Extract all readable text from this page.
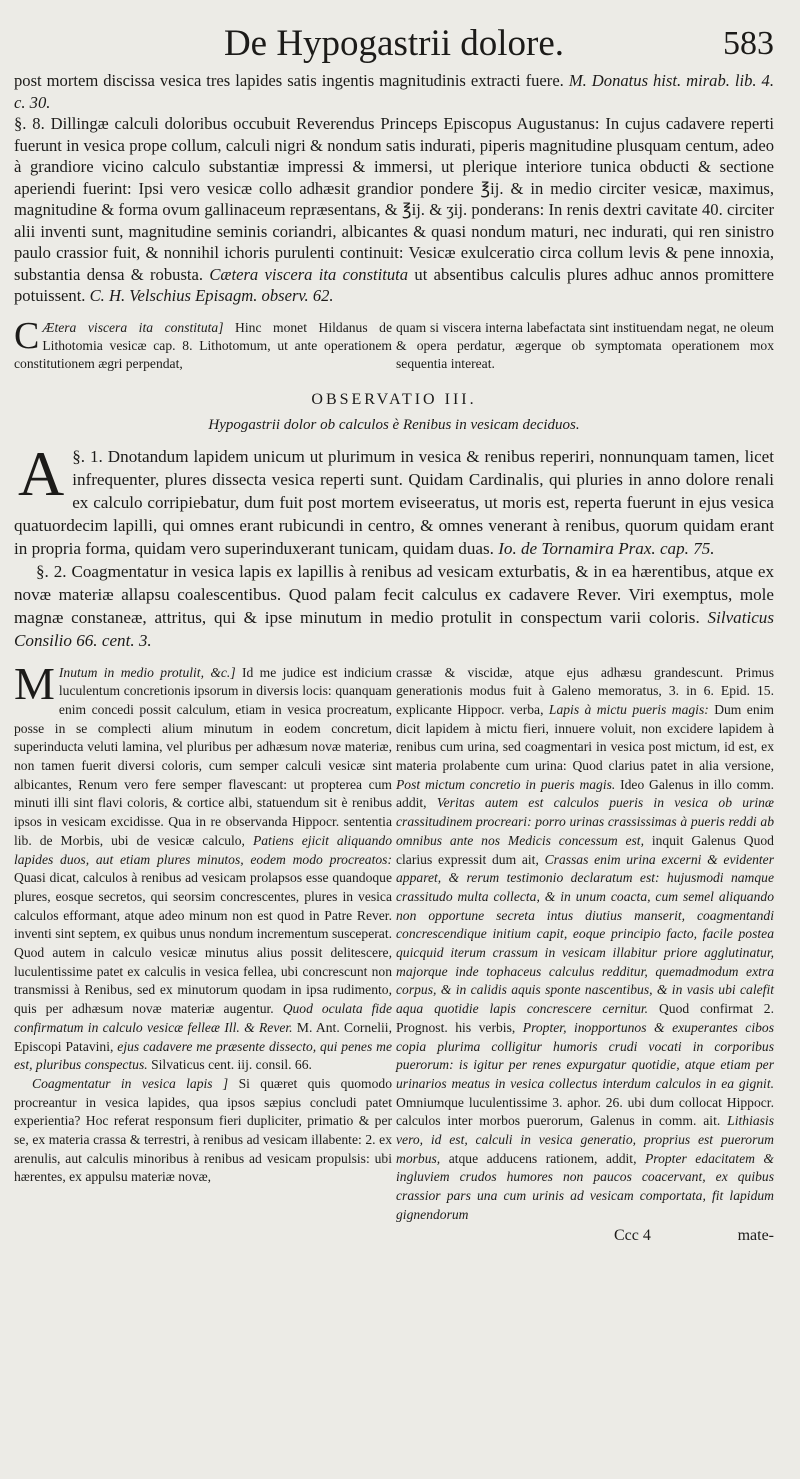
De Hypogastrii dolore.	583

post mortem discissa vesica tres lapides satis ingentis magnitudinis extracti fuere. M. Donatus hist. mirab. lib. 4. c. 30.

§. 8. Dillingæ calculi doloribus occubuit Reverendus Princeps Episcopus Augustanus: In cujus cadavere reperti fuerunt in vesica prope collum, calculi nigri & nondum satis indurati, piperis magnitudine plusquam centum, adeo à grandiore vicino calculo substantiæ impressi & immersi, ut plerique interiore tunica obducti & sectione aperiendi fuerint: Ipsi vero vesicæ collo adhæsit grandior pondere ℥ij. & in medio circiter vesicæ, maximus, magnitudine & forma ovum gallinaceum repræsentans, & ℥ij. & ʒij. ponderans: In renis dextri cavitate 40. circiter alii inventi sunt, magnitudine seminis coriandri, albicantes & quasi nondum maturi, nec indurati, qui ren sinistro paulo crassior fuit, & nonnihil ichoris purulenti continuit: Vesicæ exulceratio circa collum levis & pene innoxia, substantia densa & robusta. Cætera viscera ita constituta ut absentibus calculis plures adhuc annos promittere potuissent. C. H. Velschius Episagm. observ. 62.

C Ætera viscera ita constituta] Hinc monet Hildanus de Lithotomia vesicæ cap. 8. Lithotomum, ut ante operationem constitutionem ægri perpendat,

quam si viscera interna labefactata sint instituendam negat, ne oleum & opera perdatur, ægerque ob symptomata operationem mox sequentia intereat.

OBSERVATIO III.
Hypogastrii dolor ob calculos è Renibus in vesicam deciduos.

§. 1.
A	Dnotandum lapidem unicum ut plurimum in vesica & renibus reperiri, nonnunquam tamen, licet infrequenter, plures dissecta vesica reperti sunt. Quidam Cardinalis, qui pluries in anno dolore renali ex calculo corripiebatur, dum fuit post mortem eviseeratus, ut moris est, reperta fuerunt in ejus vesica quatuordecim lapilli, qui omnes erant rubicundi in centro, & omnes venerant à renibus, quorum quidam erant in propria forma, quidam vero superinduxerant tunicam, quidam duas. Io. de Tornamira Prax. cap. 75.

§. 2. Coagmentatur in vesica lapis ex lapillis à renibus ad vesicam exturbatis, & in ea hærentibus, atque ex novæ materiæ allapsu coalescentibus. Quod palam fecit calculus ex cadavere Rever. Viri exemptus, mole magnæ constaneæ, attritus, qui & ipse minutum in medio protulit in conspectum varii coloris. Silvaticus Consilio 66. cent. 3.

M Inutum in medio protulit, &c.] Id me judice est indicium luculentum concretionis ipsorum in diversis locis: quanquam enim concedi possit calculum, etiam in vesica procreatum, posse in se complecti alium minutum in eodem concretum, superinducta veluti lamina, vel pluribus per adhæsum novæ materiæ, non tamen fuerit diversi coloris, cum semper calculi vesicæ sint albicantes, Renum vero fere semper flavescant: ut propterea cum minuti illi sint flavi coloris, & cortice albi, statuendum sit è renibus ipsos in vesicam excidisse. Qua in re observanda Hippocr. sententia lib. de Morbis, ubi de vesicæ calculo, Patiens ejicit aliquando lapides duos, aut etiam plures minutos, eodem modo procreatos: Quasi dicat, calculos à renibus ad vesicam prolapsos esse quandoque plures, eosque secretos, qui seorsim concrescentes, plures in vesica calculos efformant, atque adeo minum non est quod in Patre Rever. inventi sint septem, ex quibus unus nondum incrementum susceperat. Quod autem in calculo vesicæ minutus alius possit delitescere, luculentissime patet ex calculis in vesica fellea, ubi concrescunt non transmissi à Renibus, sed ex minutorum quodam in ipsa rudimento, quis per adhæsum novæ materiæ augentur. Quod oculata fide confirmatum in calculo vesicæ felleæ Ill. & Rever. M. Ant. Cornelii, Episcopi Patavini, ejus cadavere me præsente dissecto, qui penes me est, pluribus conspectus. Silvaticus cent. iij. consil. 66.

Coagmentatur in vesica lapis ] Si quæret quis quomodo procreantur in vesica lapides, qua ipsos sæpius concludi patet experientia? Hoc referat responsum fieri dupliciter, primatio & per se, ex materia crassa & terrestri, à renibus ad vesicam illabente: 2. ex arenulis, aut calculis minoribus à renibus ad vesicam propulsis: ubi hærentes, ex appulsu materiæ novæ,

crassæ & viscidæ, atque ejus adhæsu grandescunt. Primus generationis modus fuit à Galeno memoratus, 3. in 6. Epid. 15. explicante Hippocr. verba, Lapis à mictu pueris magis: Dum enim dicit lapidem à mictu fieri, innuere voluit, non excidere lapidem à renibus cum urina, sed coagmentari in vesica post mictum, id est, ex materia prolabente cum urina: Quod clarius patet in alia versione, Post mictum concretio in pueris magis. Ideo Galenus in illo comm. addit, Veritas autem est calculos pueris in vesica ob urinæ crassitudinem procreari: porro urinas crassissimas à pueris reddi ab omnibus ante nos Medicis concessum est, inquit Galenus Quod clarius expressit dum ait, Crassas enim urina excerni & evidenter apparet, & rerum testimonio declaratum est: hujusmodi namque crassitudo multa collecta, & in unum coacta, cum semel aliquando non opportune secreta intus diutius manserit, coagmentandi concrescendique initium capit, eoque principio facto, facile postea quicquid iterum crassum in vesicam illabitur priore agglutinatur, majorque inde tophaceus calculus redditur, quemadmodum extra corpus, & in calidis aquis sponte nascentibus, & in vasis ubi calefit aqua quotidie lapis concrescere cernitur. Quod confirmat 2. Prognost. his verbis, Propter, inopportunos & exuperantes cibos copia plurima colligitur humoris crudi vocati in corporibus puerorum: is igitur per renes expurgatur quotidie, atque etiam per urinarios meatus in vesica collectus interdum calculos in ea gignit. Omniumque luculentissime 3. aphor. 26. ubi dum collocat Hippocr. calculos inter morbos puerorum, Galenus in comm. ait. Lithiasis vero, id est, calculi in vesica generatio, proprius est puerorum morbus, atque adducens rationem, addit, Propter edacitatem & ingluviem crudos humores non paucos coacervant, ex quibus crassior pars una cum urinis ad vesicam comportata, fit lapidum gignendorum

Ccc 4	mate-
